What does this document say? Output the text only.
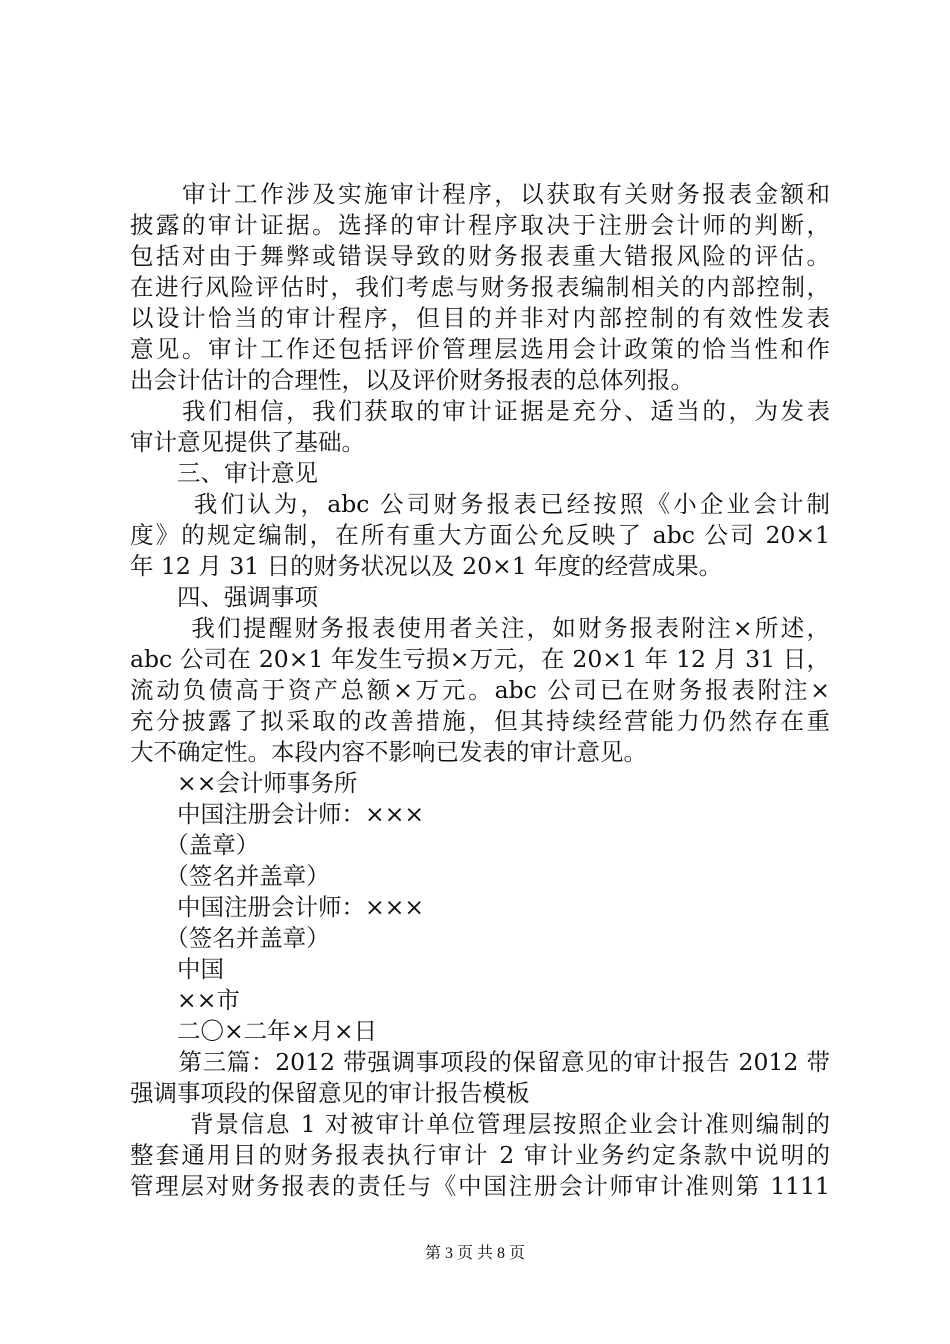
　　审计工作涉及实施审计程序，以获取有关财务报表金额和
披露的审计证据。选择的审计程序取决于注册会计师的判断，
包括对由于舞弊或错误导致的财务报表重大错报风险的评估。
在进行风险评估时，我们考虑与财务报表编制相关的内部控制，
以设计恰当的审计程序，但目的并非对内部控制的有效性发表
意见。审计工作还包括评价管理层选用会计政策的恰当性和作
出会计估计的合理性，以及评价财务报表的总体列报。
　　我们相信，我们获取的审计证据是充分、适当的，为发表
审计意见提供了基础。
　　三、审计意见
　　 我们认为，abc 公司财务报表已经按照《小企业会计制
度》的规定编制，在所有重大方面公允反映了 abc 公司 20×1
年 12 月 31 日的财务状况以及 20×1 年度的经营成果。
　　四、强调事项
　　 我们提醒财务报表使用者关注，如财务报表附注×所述，
abc 公司在 20×1 年发生亏损×万元，在 20×1 年 12 月 31 日，
流动负债高于资产总额×万元。abc 公司已在财务报表附注×
充分披露了拟采取的改善措施，但其持续经营能力仍然存在重
大不确定性。本段内容不影响已发表的审计意见。
　　××会计师事务所
　　中国注册会计师：×××
　　（盖章）
　　（签名并盖章）
　　中国注册会计师：×××
　　（签名并盖章）
　　中国
　　××市
　　二〇×二年×月×日
　　第三篇：2012 带强调事项段的保留意见的审计报告 2012 带
强调事项段的保留意见的审计报告模板
　　 背景信息 1 对被审计单位管理层按照企业会计准则编制的
整套通用目的财务报表执行审计 2 审计业务约定条款中说明的
管理层对财务报表的责任与《中国注册会计师审计准则第 1111
第 3 页 共 8 页
